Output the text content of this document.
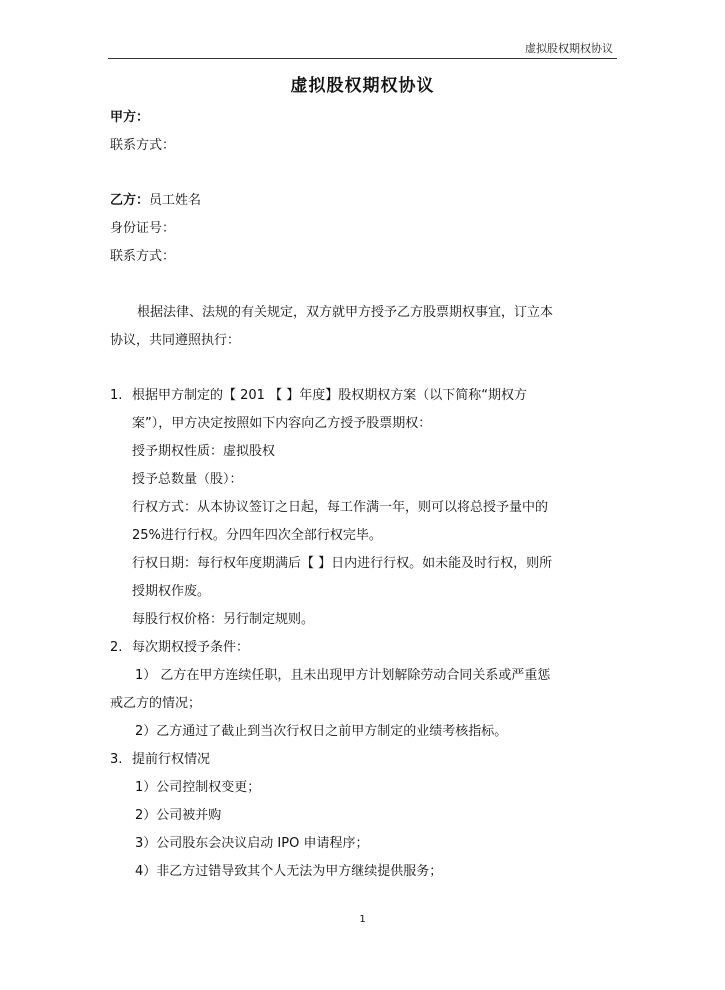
虚拟股权期权协议
虚拟股权期权协议
甲方：
联系方式：
乙方：员工姓名
身份证号：
联系方式：
根据法律、法规的有关规定，双方就甲方授予乙方股票期权事宜，订立本
协议，共同遵照执行：
1. 根据甲方制定的【 201 【 】年度】股权期权方案（以下简称“期权方
案”），甲方决定按照如下内容向乙方授予股票期权：
授予期权性质：虚拟股权
授予总数量（股）：
行权方式：从本协议签订之日起，每工作满一年，则可以将总授予量中的
25%进行行权。分四年四次全部行权完毕。
行权日期：每行权年度期满后【 】日内进行行权。如未能及时行权，则所
授期权作废。
每股行权价格：另行制定规则。
2. 每次期权授予条件：
1） 乙方在甲方连续任职，且未出现甲方计划解除劳动合同关系或严重惩
戒乙方的情况；
2）乙方通过了截止到当次行权日之前甲方制定的业绩考核指标。
3. 提前行权情况
1）公司控制权变更；
2）公司被并购
3）公司股东会决议启动 IPO 申请程序；
4）非乙方过错导致其个人无法为甲方继续提供服务；
1
